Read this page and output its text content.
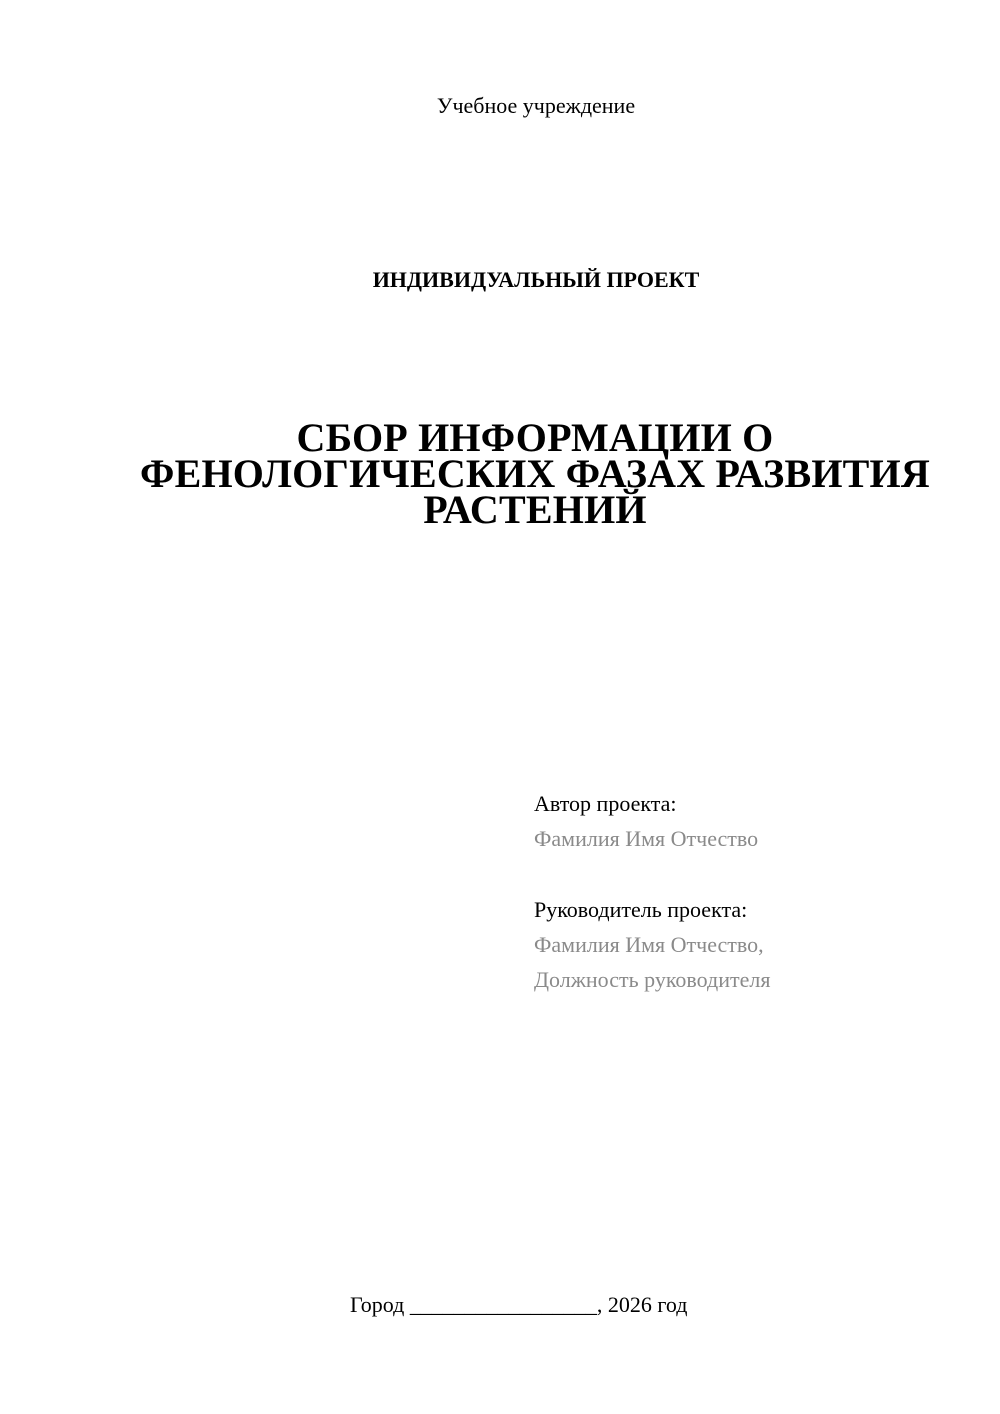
Учебное учреждение
ИНДИВИДУАЛЬНЫЙ ПРОЕКТ
СБОР ИНФОРМАЦИИ О
ФЕНОЛОГИЧЕСКИХ ФАЗАХ РАЗВИТИЯ
РАСТЕНИЙ
Автор проекта:
Фамилия Имя Отчество
Руководитель проекта:
Фамилия Имя Отчество,
Должность руководителя
Город _________________, 2026 год
